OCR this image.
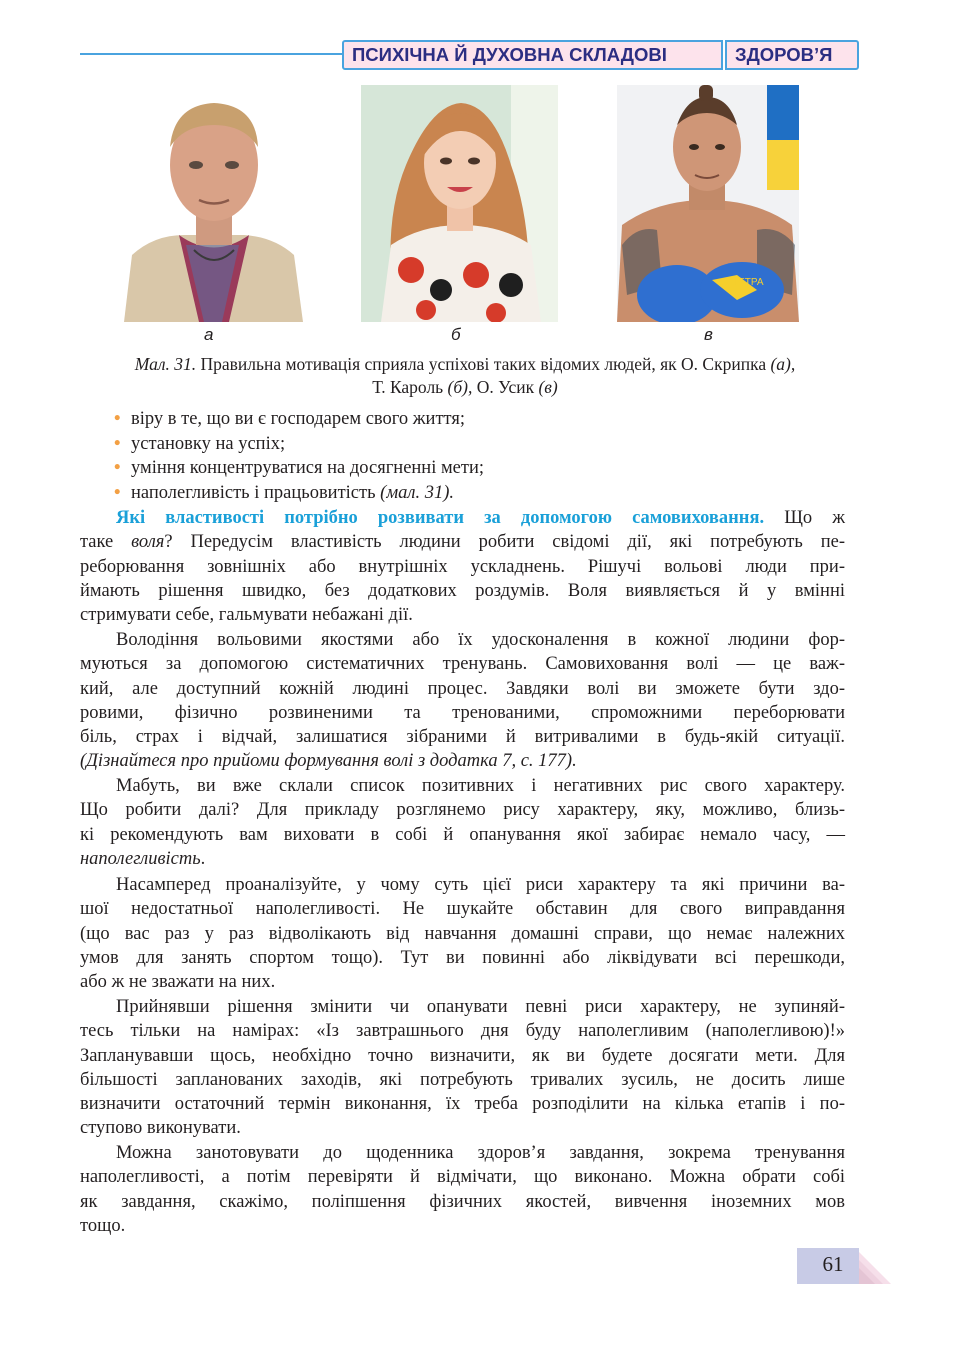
ПСИХІЧНА Й ДУХОВНА СКЛАДОВІ	ЗДОРОВ’Я
а	б
ТЕТРА
в
Мал. 31. Правильна мотивація сприяла успіхові таких відомих людей, як О. Скрипка (а),
Т. Кароль (б), О. Усик (в)
• віру в те, що ви є господарем свого життя;
• установку на успіх;
• уміння концентруватися на досягненні мети;
• наполегливість і працьовитість (мал. 31).
Які властивості потрібно розвивати за допомогою самовиховання. Що ж
таке воля? Передусім властивість людини робити свідомі дії, які потребують пе-
реборювання зовнішніх або внутрішніх ускладнень. Рішучі вольові люди при-
ймають рішення швидко, без додаткових роздумів. Воля виявляється й у вмінні
стримувати себе, гальмувати небажані дії.
Володіння вольовими якостями або їх удосконалення в кожної людини фор-
муються за допомогою систематичних тренувань. Самовиховання волі — це важ-
кий, але доступний кожній людині процес. Завдяки волі ви зможете бути здо-
ровими, фізично розвиненими та тренованими, спроможними переборювати
біль, страх і відчай, залишатися зібраними й витривалими в будь-якій ситуації.
(Дізнайтеся про прийоми формування волі з додатка 7, с. 177).
Мабуть, ви вже склали список позитивних і негативних рис свого характеру.
Що робити далі? Для прикладу розглянемо рису характеру, яку, можливо, близь-
кі рекомендують вам виховати в собі й опанування якої забирає немало часу, —
наполегливість.
Насамперед проаналізуйте, у чому суть цієї риси характеру та які причини ва-
шої недостатньої наполегливості. Не шукайте обставин для свого виправдання
(що вас раз у раз відволікають від навчання домашні справи, що немає належних
умов для занять спортом тощо). Тут ви повинні або ліквідувати всі перешкоди,
або ж не зважати на них.
Прийнявши рішення змінити чи опанувати певні риси характеру, не зупиняй-
тесь тільки на намірах: «Із завтрашнього дня буду наполегливим (наполегливою)!»
Запланувавши щось, необхідно точно визначити, як ви будете досягати мети. Для
більшості запланованих заходів, які потребують тривалих зусиль, не досить лише
визначити остаточний термін виконання, їх треба розподілити на кілька етапів і по-
ступово виконувати.
Можна занотовувати до щоденника здоров’я завдання, зокрема тренування
наполегливості, а потім перевіряти й відмічати, що виконано. Можна обрати собі
як завдання, скажімо, поліпшення фізичних якостей, вивчення іноземних мов
тощо.
61
